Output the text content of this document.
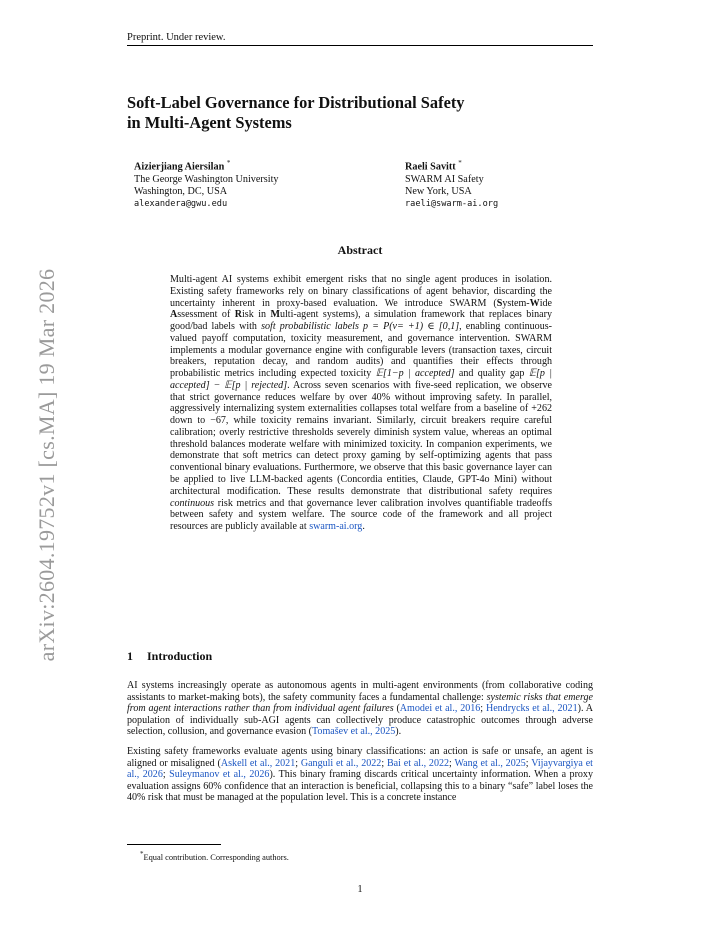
Preprint. Under review.
arXiv:2604.19752v1 [cs.MA] 19 Mar 2026
Soft-Label Governance for Distributional Safety
in Multi-Agent Systems
Aizierjiang Aiersilan *
The George Washington University
Washington, DC, USA
alexandera@gwu.edu
Raeli Savitt *
SWARM AI Safety
New York, USA
raeli@swarm-ai.org
Abstract
Multi-agent AI systems exhibit emergent risks that no single agent produces in isolation. Existing safety frameworks rely on binary classifications of agent behavior, discarding the uncertainty inherent in proxy-based evaluation. We introduce SWARM (System-Wide Assessment of Risk in Multi-agent systems), a simulation framework that replaces binary good/bad labels with soft probabilistic labels p = P(v= +1) ∈ [0,1], enabling continuous-valued payoff computation, toxicity measurement, and governance intervention. SWARM implements a modular governance engine with configurable levers (transaction taxes, circuit breakers, reputation decay, and random audits) and quantifies their effects through probabilistic metrics including expected toxicity 𝔼[1−p | accepted] and quality gap 𝔼[p | accepted] − 𝔼[p | rejected]. Across seven scenarios with five-seed replication, we observe that strict governance reduces welfare by over 40% without improving safety. In parallel, aggressively internalizing system externalities collapses total welfare from a baseline of +262 down to −67, while toxicity remains invariant. Similarly, circuit breakers require careful calibration; overly restrictive thresholds severely diminish system value, whereas an optimal threshold balances moderate welfare with minimized toxicity. In companion experiments, we demonstrate that soft metrics can detect proxy gaming by self-optimizing agents that pass conventional binary evaluations. Furthermore, we observe that this basic governance layer can be applied to live LLM-backed agents (Concordia entities, Claude, GPT-4o Mini) without architectural modification. These results demonstrate that distributional safety requires continuous risk metrics and that governance lever calibration involves quantifiable tradeoffs between safety and system welfare. The source code of the framework and all project resources are publicly available at swarm-ai.org.
1 Introduction
AI systems increasingly operate as autonomous agents in multi-agent environments (from collaborative coding assistants to market-making bots), the safety community faces a fundamental challenge: systemic risks that emerge from agent interactions rather than from individual agent failures (Amodei et al., 2016; Hendrycks et al., 2021). A population of individually sub-AGI agents can collectively produce catastrophic outcomes through adverse selection, collusion, and governance evasion (Tomašev et al., 2025).
Existing safety frameworks evaluate agents using binary classifications: an action is safe or unsafe, an agent is aligned or misaligned (Askell et al., 2021; Ganguli et al., 2022; Bai et al., 2022; Wang et al., 2025; Vijayvargiya et al., 2026; Suleymanov et al., 2026). This binary framing discards critical uncertainty information. When a proxy evaluation assigns 60% confidence that an interaction is beneficial, collapsing this to a binary “safe” label loses the 40% risk that must be managed at the population level. This is a concrete instance
*Equal contribution. Corresponding authors.
1
